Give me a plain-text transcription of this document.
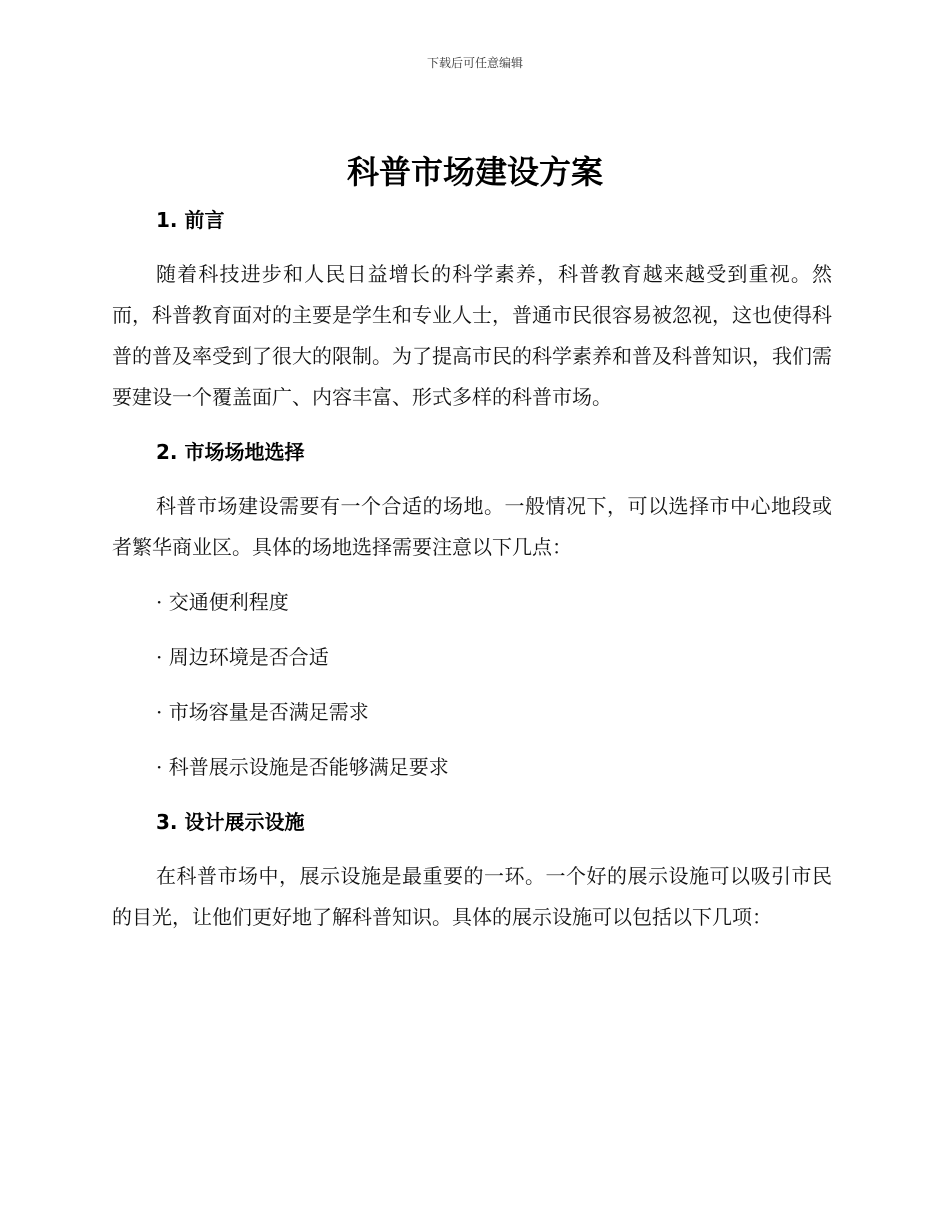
下载后可任意编辑
科普市场建设方案
1. 前言

随着科技进步和人民日益增长的科学素养，科普教育越来越受到重视。然而，科普教育面对的主要是学生和专业人士，普通市民很容易被忽视，这也使得科普的普及率受到了很大的限制。为了提高市民的科学素养和普及科普知识，我们需要建设一个覆盖面广、内容丰富、形式多样的科普市场。

2. 市场场地选择

科普市场建设需要有一个合适的场地。一般情况下，可以选择市中心地段或者繁华商业区。具体的场地选择需要注意以下几点：

· 交通便利程度

· 周边环境是否合适

· 市场容量是否满足需求

· 科普展示设施是否能够满足要求

3. 设计展示设施

在科普市场中，展示设施是最重要的一环。一个好的展示设施可以吸引市民的目光，让他们更好地了解科普知识。具体的展示设施可以包括以下几项：
